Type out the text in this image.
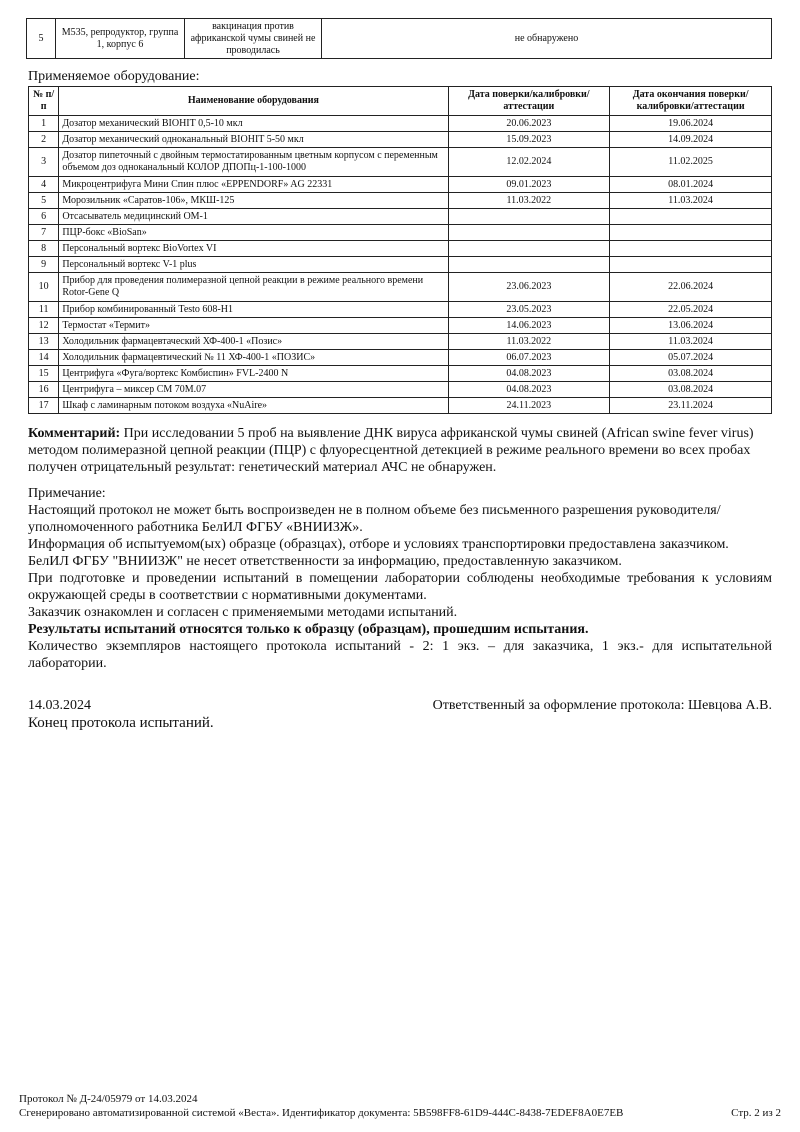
5	М535, репродуктор, группа 1, корпус 6	вакцинация против африканской чумы свиней не проводилась	не обнаружено
Применяемое оборудование:
№ п/п	Наименование оборудования	Дата поверки/калибровки/аттестации	Дата окончания поверки/калибровки/аттестации
1	Дозатор механический BIOHIT 0,5-10 мкл	20.06.2023	19.06.2024
2	Дозатор механический одноканальный BIOHIT 5-50 мкл	15.09.2023	14.09.2024
3	Дозатор пипеточный с двойным термостатированным цветным корпусом с переменным объемом доз одноканальный КОЛОР ДПОПц-1-100-1000	12.02.2024	11.02.2025
4	Микроцентрифуга Мини Спин плюс «EPPENDORF» AG 22331	09.01.2023	08.01.2024
5	Морозильник «Саратов-106», МКШ-125	11.03.2022	11.03.2024
6	Отсасыватель медицинский ОМ-1		
7	ПЦР-бокс «BioSan»		
8	Персональный вортекс BioVortex VI		
9	Персональный вортекс V-1 plus		
10	Прибор для проведения полимеразной цепной реакции в режиме реального времени Rotor-Gene Q	23.06.2023	22.06.2024
11	Прибор комбинированный Testo 608-H1	23.05.2023	22.05.2024
12	Термостат «Термит»	14.06.2023	13.06.2024
13	Холодильник фармацевтачеcкий ХФ-400-1 «Позис»	11.03.2022	11.03.2024
14	Холодильник фармацевтический № 11 ХФ-400-1 «ПОЗИС»	06.07.2023	05.07.2024
15	Центрифуга «Фуга/вортекс Комбиспин» FVL-2400 N	04.08.2023	03.08.2024
16	Центрифуга – миксер СМ 70М.07	04.08.2023	03.08.2024
17	Шкаф с ламинарным потоком воздуха «NuAire»	24.11.2023	23.11.2024
Комментарий: При исследовании 5 проб на выявление ДНК вируса африканской чумы свиней (African swine fever virus) методом полимеразной цепной реакции (ПЦР) с флуоресцентной детекцией в режиме реального времени во всех пробах получен отрицательный результат: генетический материал АЧС не обнаружен.

Примечание:

Настоящий протокол не может быть воспроизведен не в полном объеме без письменного разрешения руководителя/уполномоченного работника БелИЛ ФГБУ «ВНИИЗЖ».

Информация об испытуемом(ых) образце (образцах), отборе и условиях транспортировки предоставлена заказчиком. БелИЛ ФГБУ "ВНИИЗЖ" не несет ответственности за информацию, предоставленную заказчиком.

При подготовке и проведении испытаний в помещении лаборатории соблюдены необходимые требования к условиям окружающей среды в соответствии с нормативными документами.

Заказчик ознакомлен и согласен с применяемыми методами испытаний.

Результаты испытаний относятся только к образцу (образцам), прошедшим испытания.

Количество экземпляров настоящего протокола испытаний - 2: 1 экз. – для заказчика, 1 экз.- для испытательной лаборатории.

14.03.2024	Ответственный за оформление протокола: Шевцова А.В.
Конец протокола испытаний.
Протокол № Д-24/05979 от 14.03.2024
Сгенерировано автоматизированной системой «Веста». Идентификатор документа: 5B598FF8-61D9-444C-8438-7EDEF8A0E7EB	Стр. 2 из 2
